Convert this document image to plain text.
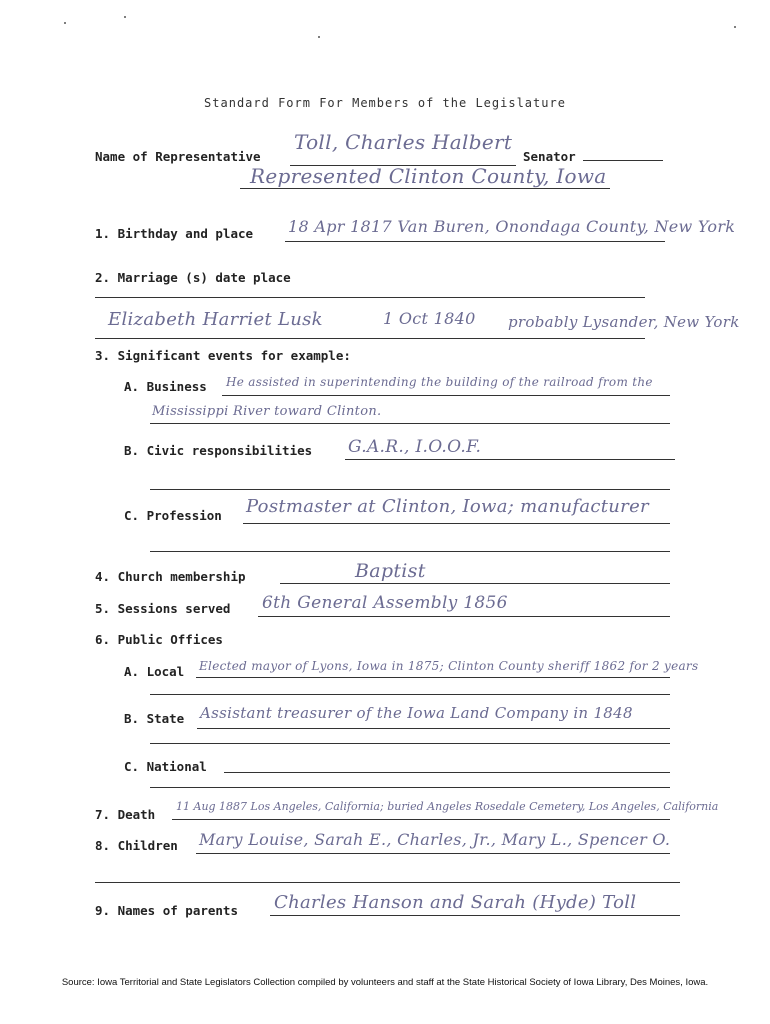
Standard Form For Members of the Legislature
Name of Representative
Toll, Charles Halbert
Senator
Represented Clinton County, Iowa
1. Birthday and place 18 Apr 1817 Van Buren, Onondaga County, New York
2. Marriage (s) date place
Elizabeth Harriet Lusk	1 Oct 1840 probably Lysander, New York
3. Significant events for example:
A. Business He assisted in superintending the building of the railroad from the
Mississippi River toward Clinton.
B. Civic responsibilities G.A.R., I.O.O.F.
C. Profession Postmaster at Clinton, Iowa; manufacturer
4. Church membership	Baptist
5. Sessions served 6th General Assembly 1856
6. Public Offices
A. Local Elected mayor of Lyons, Iowa in 1875; Clinton County sheriff 1862 for 2 years
B. State Assistant treasurer of the Iowa Land Company in 1848
C. National
7. Death
11 Aug 1887 Los Angeles, California; buried Angeles Rosedale Cemetery, Los Angeles, California
8. Children Mary Louise, Sarah E., Charles, Jr., Mary L., Spencer O.
9. Names of parents Charles Hanson and Sarah (Hyde) Toll
Source: Iowa Territorial and State Legislators Collection compiled by volunteers and staff at the State Historical Society of Iowa Library, Des Moines, Iowa.
